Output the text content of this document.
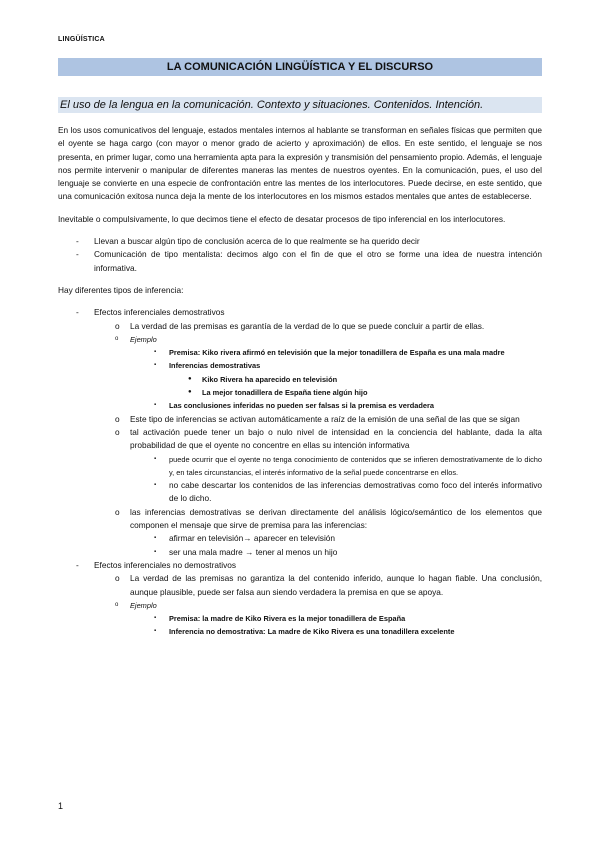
LINGÜÍSTICA
LA COMUNICACIÓN LINGÜÍSTICA Y EL DISCURSO
El uso de la lengua en la comunicación. Contexto y situaciones. Contenidos. Intención.

En los usos comunicativos del lenguaje, estados mentales internos al hablante se transforman en señales físicas que permiten que el oyente se haga cargo (con mayor o menor grado de acierto y aproximación) de ellos. En este sentido, el lenguaje se nos presenta, en primer lugar, como una herramienta apta para la expresión y transmisión del pensamiento propio. Además, el lenguaje nos permite intervenir o manipular de diferentes maneras las mentes de nuestros oyentes. En la comunicación, pues, el uso del lenguaje se convierte en una especie de confrontación entre las mentes de los interlocutores. Puede decirse, en este sentido, que una comunicación exitosa nunca deja la mente de los interlocutores en los mismos estados mentales que antes de establecerse.

Inevitable o compulsivamente, lo que decimos tiene el efecto de desatar procesos de tipo inferencial en los interlocutores.

-	Llevan a buscar algún tipo de conclusión acerca de lo que realmente se ha querido decir
-	Comunicación de tipo mentalista: decimos algo con el fin de que el otro se forme una idea de nuestra intención informativa.

Hay diferentes tipos de inferencia:

-	Efectos inferenciales demostrativos
o	La verdad de las premisas es garantía de la verdad de lo que se puede concluir a partir de ellas.
o	Ejemplo
▪	Premisa: Kiko rivera afirmó en televisión que la mejor tonadillera de España es una mala madre
▪	Inferencias demostrativas
●	Kiko Rivera ha aparecido en televisión
●	La mejor tonadillera de España tiene algún hijo
▪	Las conclusiones inferidas no pueden ser falsas si la premisa es verdadera
o	Este tipo de inferencias se activan automáticamente a raíz de la emisión de una señal de las que se sigan
o	tal activación puede tener un bajo o nulo nivel de intensidad en la conciencia del hablante, dada la alta probabilidad de que el oyente no concentre en ellas su intención informativa
▪	puede ocurrir que el oyente no tenga conocimiento de contenidos que se infieren demostrativamente de lo dicho y, en tales circunstancias, el interés informativo de la señal puede concentrarse en ellos.
▪	no cabe descartar los contenidos de las inferencias demostrativas como foco del interés informativo de lo dicho.
o	las inferencias demostrativas se derivan directamente del análisis lógico/semántico de los elementos que componen el mensaje que sirve de premisa para las inferencias:
▪	afirmar en televisión→ aparecer en televisión
▪	ser una mala madre → tener al menos un hijo
-	Efectos inferenciales no demostrativos
o	La verdad de las premisas no garantiza la del contenido inferido, aunque lo hagan fiable. Una conclusión, aunque plausible, puede ser falsa aun siendo verdadera la premisa en que se apoya.
o	Ejemplo
▪	Premisa: la madre de Kiko Rivera es la mejor tonadillera de España
▪	Inferencia no demostrativa: La madre de Kiko Rivera es una tonadillera excelente
1
